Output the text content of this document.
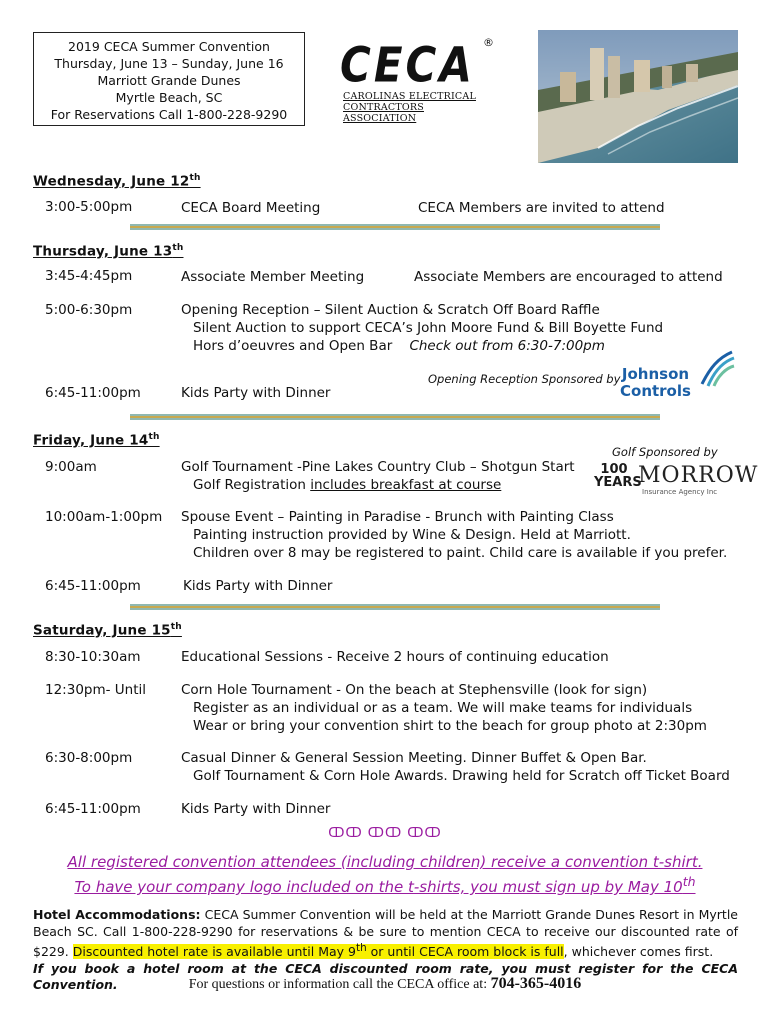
2019 CECA Summer Convention
Thursday, June 13 – Sunday, June 16
Marriott Grande Dunes
Myrtle Beach, SC
For Reservations Call 1-800-228-9290
CECA ®
CAROLINAS ELECTRICAL
CONTRACTORS ASSOCIATION
Wednesday, June 12th
3:00-5:00pm	CECA Board Meeting	CECA Members are invited to attend
Thursday, June 13th
3:45-4:45pm	Associate Member Meeting	Associate Members are encouraged to attend
5:00-6:30pm	Opening Reception – Silent Auction & Scratch Off Board Raffle
Silent Auction to support CECA’s John Moore Fund & Bill Boyette Fund
Hors d’oeuvres and Open Bar Check out from 6:30-7:00pm
Opening Reception Sponsored by Johnson
Controls
6:45-11:00pm	Kids Party with Dinner
Friday, June 14th
Golf Sponsored by
100 YEARS
MORROW
Insurance Agency Inc
9:00am	Golf Tournament -Pine Lakes Country Club – Shotgun Start
Golf Registration includes breakfast at course
10:00am-1:00pm Spouse Event – Painting in Paradise - Brunch with Painting Class
Painting instruction provided by Wine & Design. Held at Marriott.
Children over 8 may be registered to paint. Child care is available if you prefer.
6:45-11:00pm	Kids Party with Dinner
Saturday, June 15th
8:30-10:30am	Educational Sessions - Receive 2 hours of continuing education
12:30pm- Until	Corn Hole Tournament - On the beach at Stephensville (look for sign)
Register as an individual or as a team. We will make teams for individuals
Wear or bring your convention shirt to the beach for group photo at 2:30pm
6:30-8:00pm	Casual Dinner & General Session Meeting. Dinner Buffet & Open Bar.
Golf Tournament & Corn Hole Awards. Drawing held for Scratch off Ticket Board
6:45-11:00pm	Kids Party with Dinner
ↀↀ ↀↀ ↀↀ
All registered convention attendees (including children) receive a convention t-shirt.
To have your company logo included on the t-shirts, you must sign up by May 10th
Hotel Accommodations: CECA Summer Convention will be held at the Marriott Grande Dunes Resort in Myrtle Beach SC. Call 1-800-228-9290 for reservations & be sure to mention CECA to receive our discounted rate of $229. Discounted hotel rate is available until May 9th or until CECA room block is full, whichever comes first.
If you book a hotel room at the CECA discounted room rate, you must register for the CECA Convention.	For questions or information call the CECA office at: 704-365-4016
